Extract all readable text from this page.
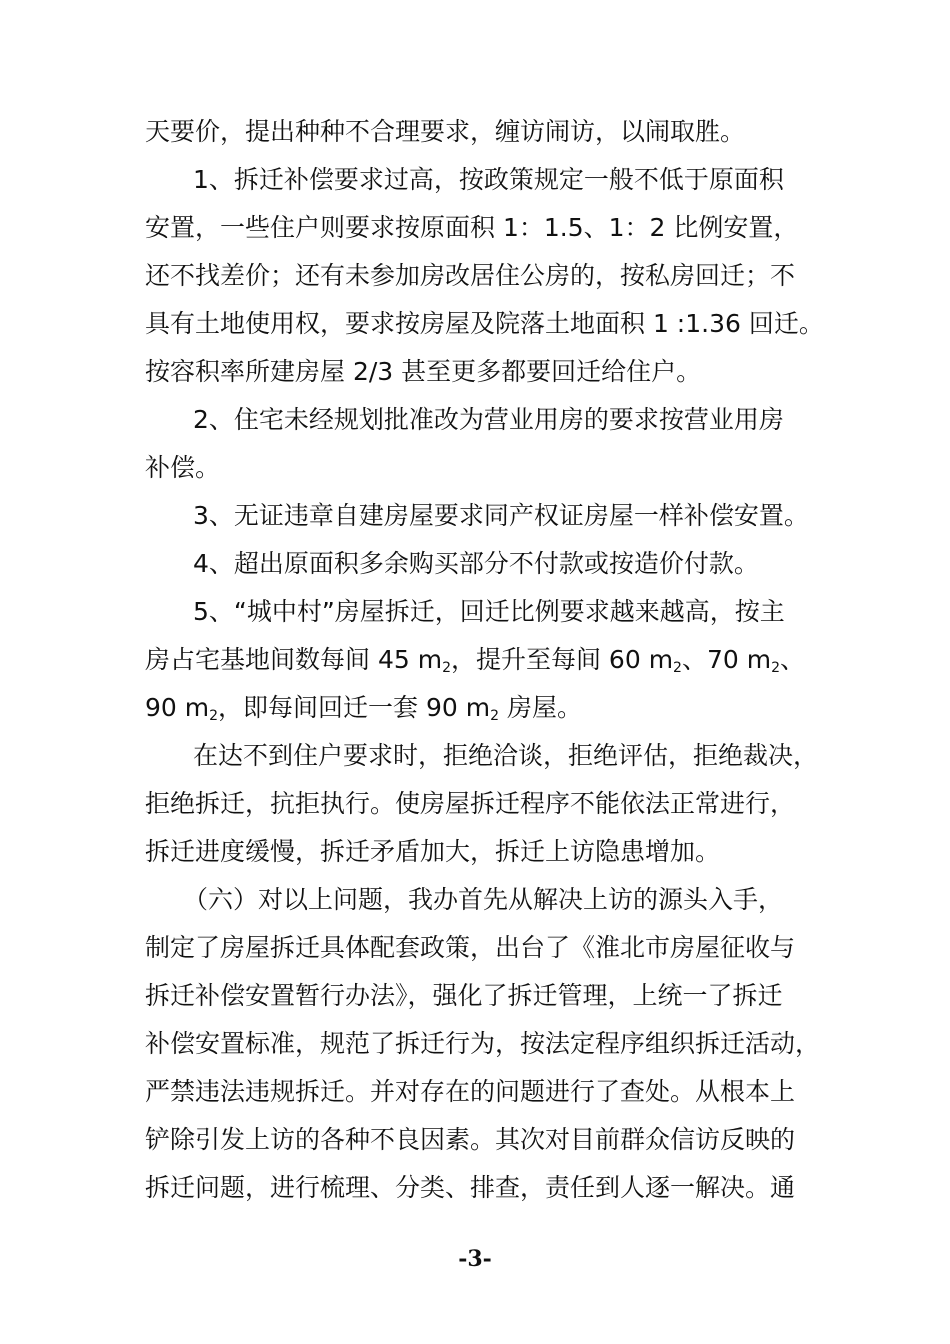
天要价，提出种种不合理要求，缠访闹访，以闹取胜。
1、拆迁补偿要求过高，按政策规定一般不低于原面积
安置，一些住户则要求按原面积 1：1.5、1：2 比例安置，
还不找差价；还有未参加房改居住公房的，按私房回迁；不
具有土地使用权，要求按房屋及院落土地面积 1 :1.36 回迁。
按容积率所建房屋 2/3 甚至更多都要回迁给住户。
2、住宅未经规划批准改为营业用房的要求按营业用房
补偿。
3、无证违章自建房屋要求同产权证房屋一样补偿安置。
4、超出原面积多余购买部分不付款或按造价付款。
5、“城中村”房屋拆迁，回迁比例要求越来越高，按主
房占宅基地间数每间 45 m2，提升至每间 60 m2、70 m2、
90 m2，即每间回迁一套 90 m2 房屋。
在达不到住户要求时，拒绝洽谈，拒绝评估，拒绝裁决，
拒绝拆迁，抗拒执行。使房屋拆迁程序不能依法正常进行，
拆迁进度缓慢，拆迁矛盾加大，拆迁上访隐患增加。
（六）对以上问题，我办首先从解决上访的源头入手，
制定了房屋拆迁具体配套政策，出台了《淮北市房屋征收与
拆迁补偿安置暂行办法》，强化了拆迁管理，上统一了拆迁
补偿安置标准，规范了拆迁行为，按法定程序组织拆迁活动，
严禁违法违规拆迁。并对存在的问题进行了查处。从根本上
铲除引发上访的各种不良因素。其次对目前群众信访反映的
拆迁问题，进行梳理、分类、排查，责任到人逐一解决。通
-3-
